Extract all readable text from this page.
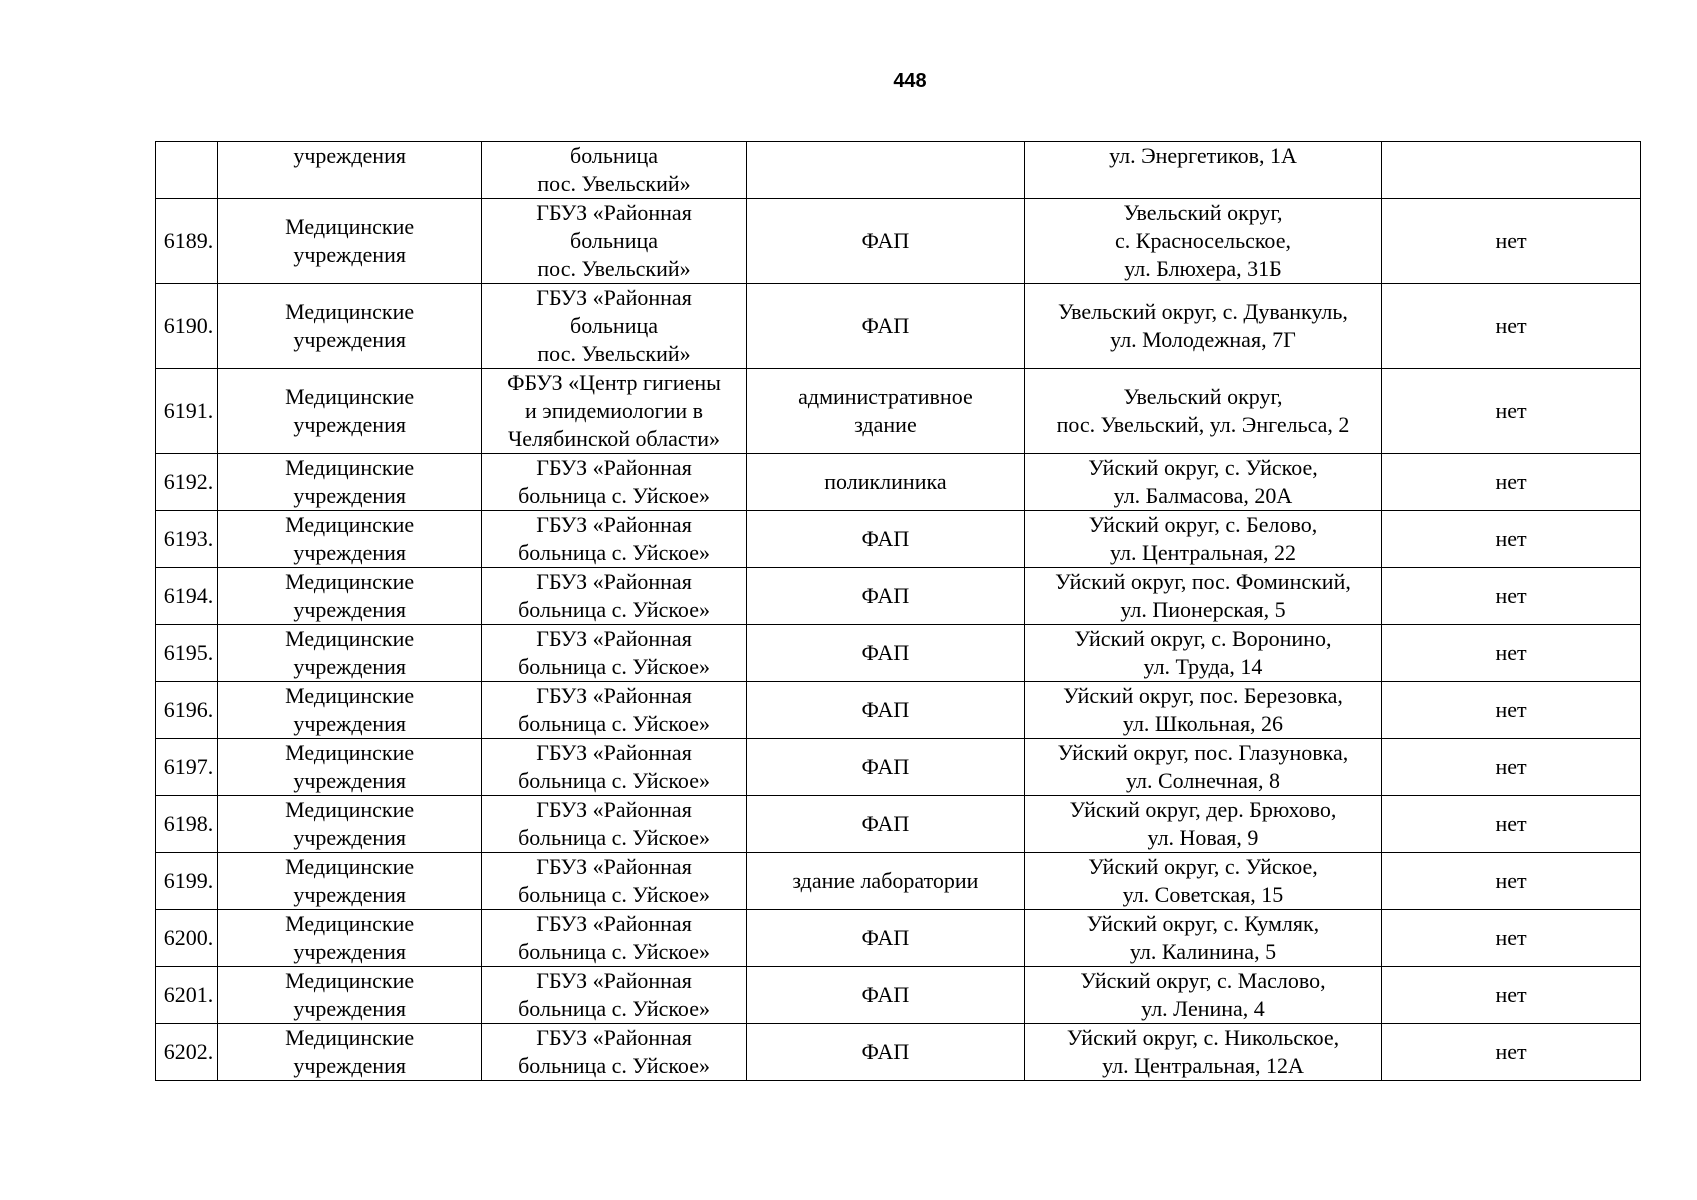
448
	учреждения	больница
пос. Увельский»		ул. Энергетиков, 1А	
6189.	Медицинские
учреждения	ГБУЗ «Районная
больница
пос. Увельский»	ФАП	Увельский округ,
с. Красносельское,
ул. Блюхера, 31Б	нет
6190.	Медицинские
учреждения	ГБУЗ «Районная
больница
пос. Увельский»	ФАП	Увельский округ, с. Дуванкуль,
ул. Молодежная, 7Г	нет
6191.	Медицинские
учреждения	ФБУЗ «Центр гигиены
и эпидемиологии в
Челябинской области»	административное
здание	Увельский округ,
пос. Увельский, ул. Энгельса, 2	нет
6192.	Медицинские
учреждения	ГБУЗ «Районная
больница с. Уйское»	поликлиника	Уйский округ, с. Уйское,
ул. Балмасова, 20А	нет
6193.	Медицинские
учреждения	ГБУЗ «Районная
больница с. Уйское»	ФАП	Уйский округ, с. Белово,
ул. Центральная, 22	нет
6194.	Медицинские
учреждения	ГБУЗ «Районная
больница с. Уйское»	ФАП	Уйский округ, пос. Фоминский,
ул. Пионерская, 5	нет
6195.	Медицинские
учреждения	ГБУЗ «Районная
больница с. Уйское»	ФАП	Уйский округ, с. Воронино,
ул. Труда, 14	нет
6196.	Медицинские
учреждения	ГБУЗ «Районная
больница с. Уйское»	ФАП	Уйский округ, пос. Березовка,
ул. Школьная, 26	нет
6197.	Медицинские
учреждения	ГБУЗ «Районная
больница с. Уйское»	ФАП	Уйский округ, пос. Глазуновка,
ул. Солнечная, 8	нет
6198.	Медицинские
учреждения	ГБУЗ «Районная
больница с. Уйское»	ФАП	Уйский округ, дер. Брюхово,
ул. Новая, 9	нет
6199.	Медицинские
учреждения	ГБУЗ «Районная
больница с. Уйское»	здание лаборатории	Уйский округ, с. Уйское,
ул. Советская, 15	нет
6200.	Медицинские
учреждения	ГБУЗ «Районная
больница с. Уйское»	ФАП	Уйский округ, с. Кумляк,
ул. Калинина, 5	нет
6201.	Медицинские
учреждения	ГБУЗ «Районная
больница с. Уйское»	ФАП	Уйский округ, с. Маслово,
ул. Ленина, 4	нет
6202.	Медицинские
учреждения	ГБУЗ «Районная
больница с. Уйское»	ФАП	Уйский округ, с. Никольское,
ул. Центральная, 12А	нет
